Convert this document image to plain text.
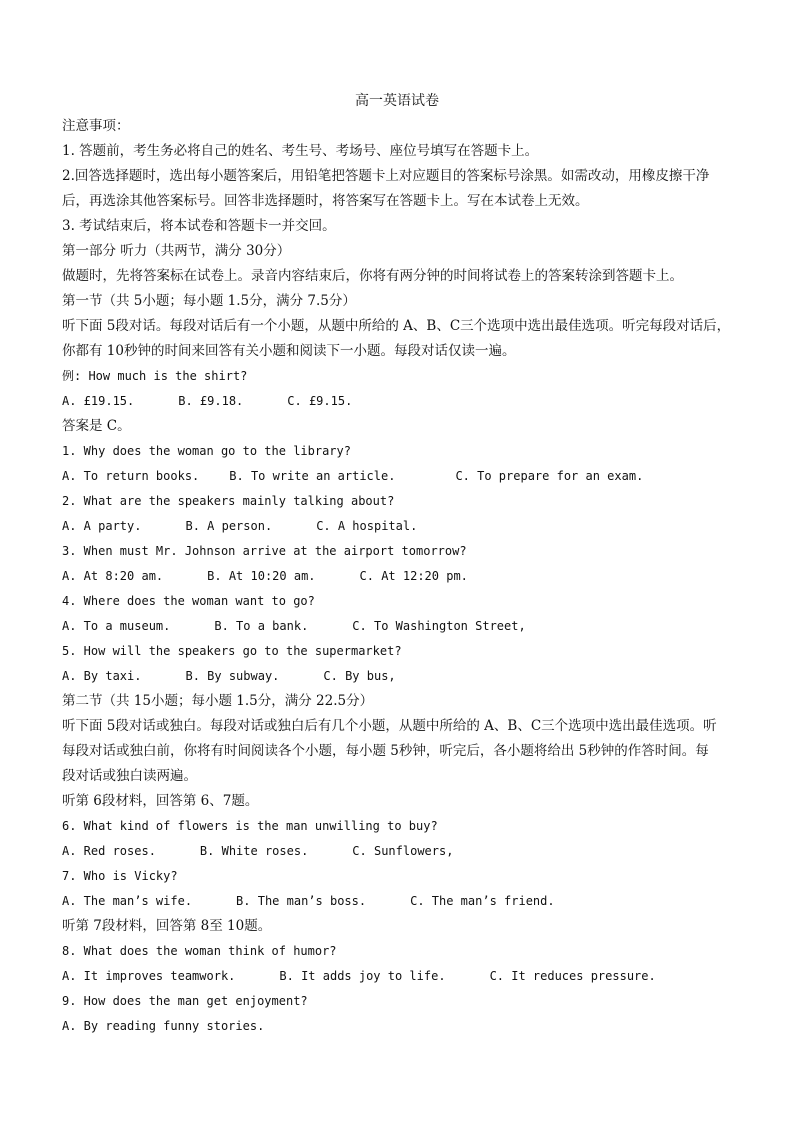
高一英语试卷
注意事项：
1. 答题前，考生务必将自己的姓名、考生号、考场号、座位号填写在答题卡上。
2.回答选择题时，选出每小题答案后，用铅笔把答题卡上对应题目的答案标号涂黑。如需改动，用橡皮擦干净
后，再选涂其他答案标号。回答非选择题时，将答案写在答题卡上。写在本试卷上无效。
3. 考试结束后，将本试卷和答题卡一并交回。
第一部分 听力（共两节，满分 30分）
做题时，先将答案标在试卷上。录音内容结束后，你将有两分钟的时间将试卷上的答案转涂到答题卡上。
第一节（共 5小题；每小题 1.5分，满分 7.5分）
听下面 5段对话。每段对话后有一个小题，从题中所给的 A、B、C三个选项中选出最佳选项。听完每段对话后，
你都有 10秒钟的时间来回答有关小题和阅读下一小题。每段对话仅读一遍。
例: How much is the shirt?
A. £19.15.	B. £9.18.	C. £9.15.
答案是 C。
1. Why does the woman go to the library?
A. To return books.	B. To write an article.	C. To prepare for an exam.
2. What are the speakers mainly talking about?
A. A party.	B. A person.	C. A hospital.
3. When must Mr. Johnson arrive at the airport tomorrow?
A. At 8:20 am.	B. At 10:20 am.	C. At 12:20 pm.
4. Where does the woman want to go?
A. To a museum.	B. To a bank.	C. To Washington Street,
5. How will the speakers go to the supermarket?
A. By taxi.	B. By subway.	C. By bus,
第二节（共 15小题；每小题 1.5分，满分 22.5分）
听下面 5段对话或独白。每段对话或独白后有几个小题，从题中所给的 A、B、C三个选项中选出最佳选项。听
每段对话或独白前，你将有时间阅读各个小题，每小题 5秒钟，听完后，各小题将给出 5秒钟的作答时间。每
段对话或独白读两遍。
听第 6段材料，回答第 6、7题。
6. What kind of flowers is the man unwilling to buy?
A. Red roses.	B. White roses.	C. Sunflowers,
7. Who is Vicky?
A. The man’s wife.	B. The man’s boss.	C. The man’s friend.
听第 7段材料，回答第 8至 10题。
8. What does the woman think of humor?
A. It improves teamwork.	B. It adds joy to life.	C. It reduces pressure.
9. How does the man get enjoyment?
A. By reading funny stories.
